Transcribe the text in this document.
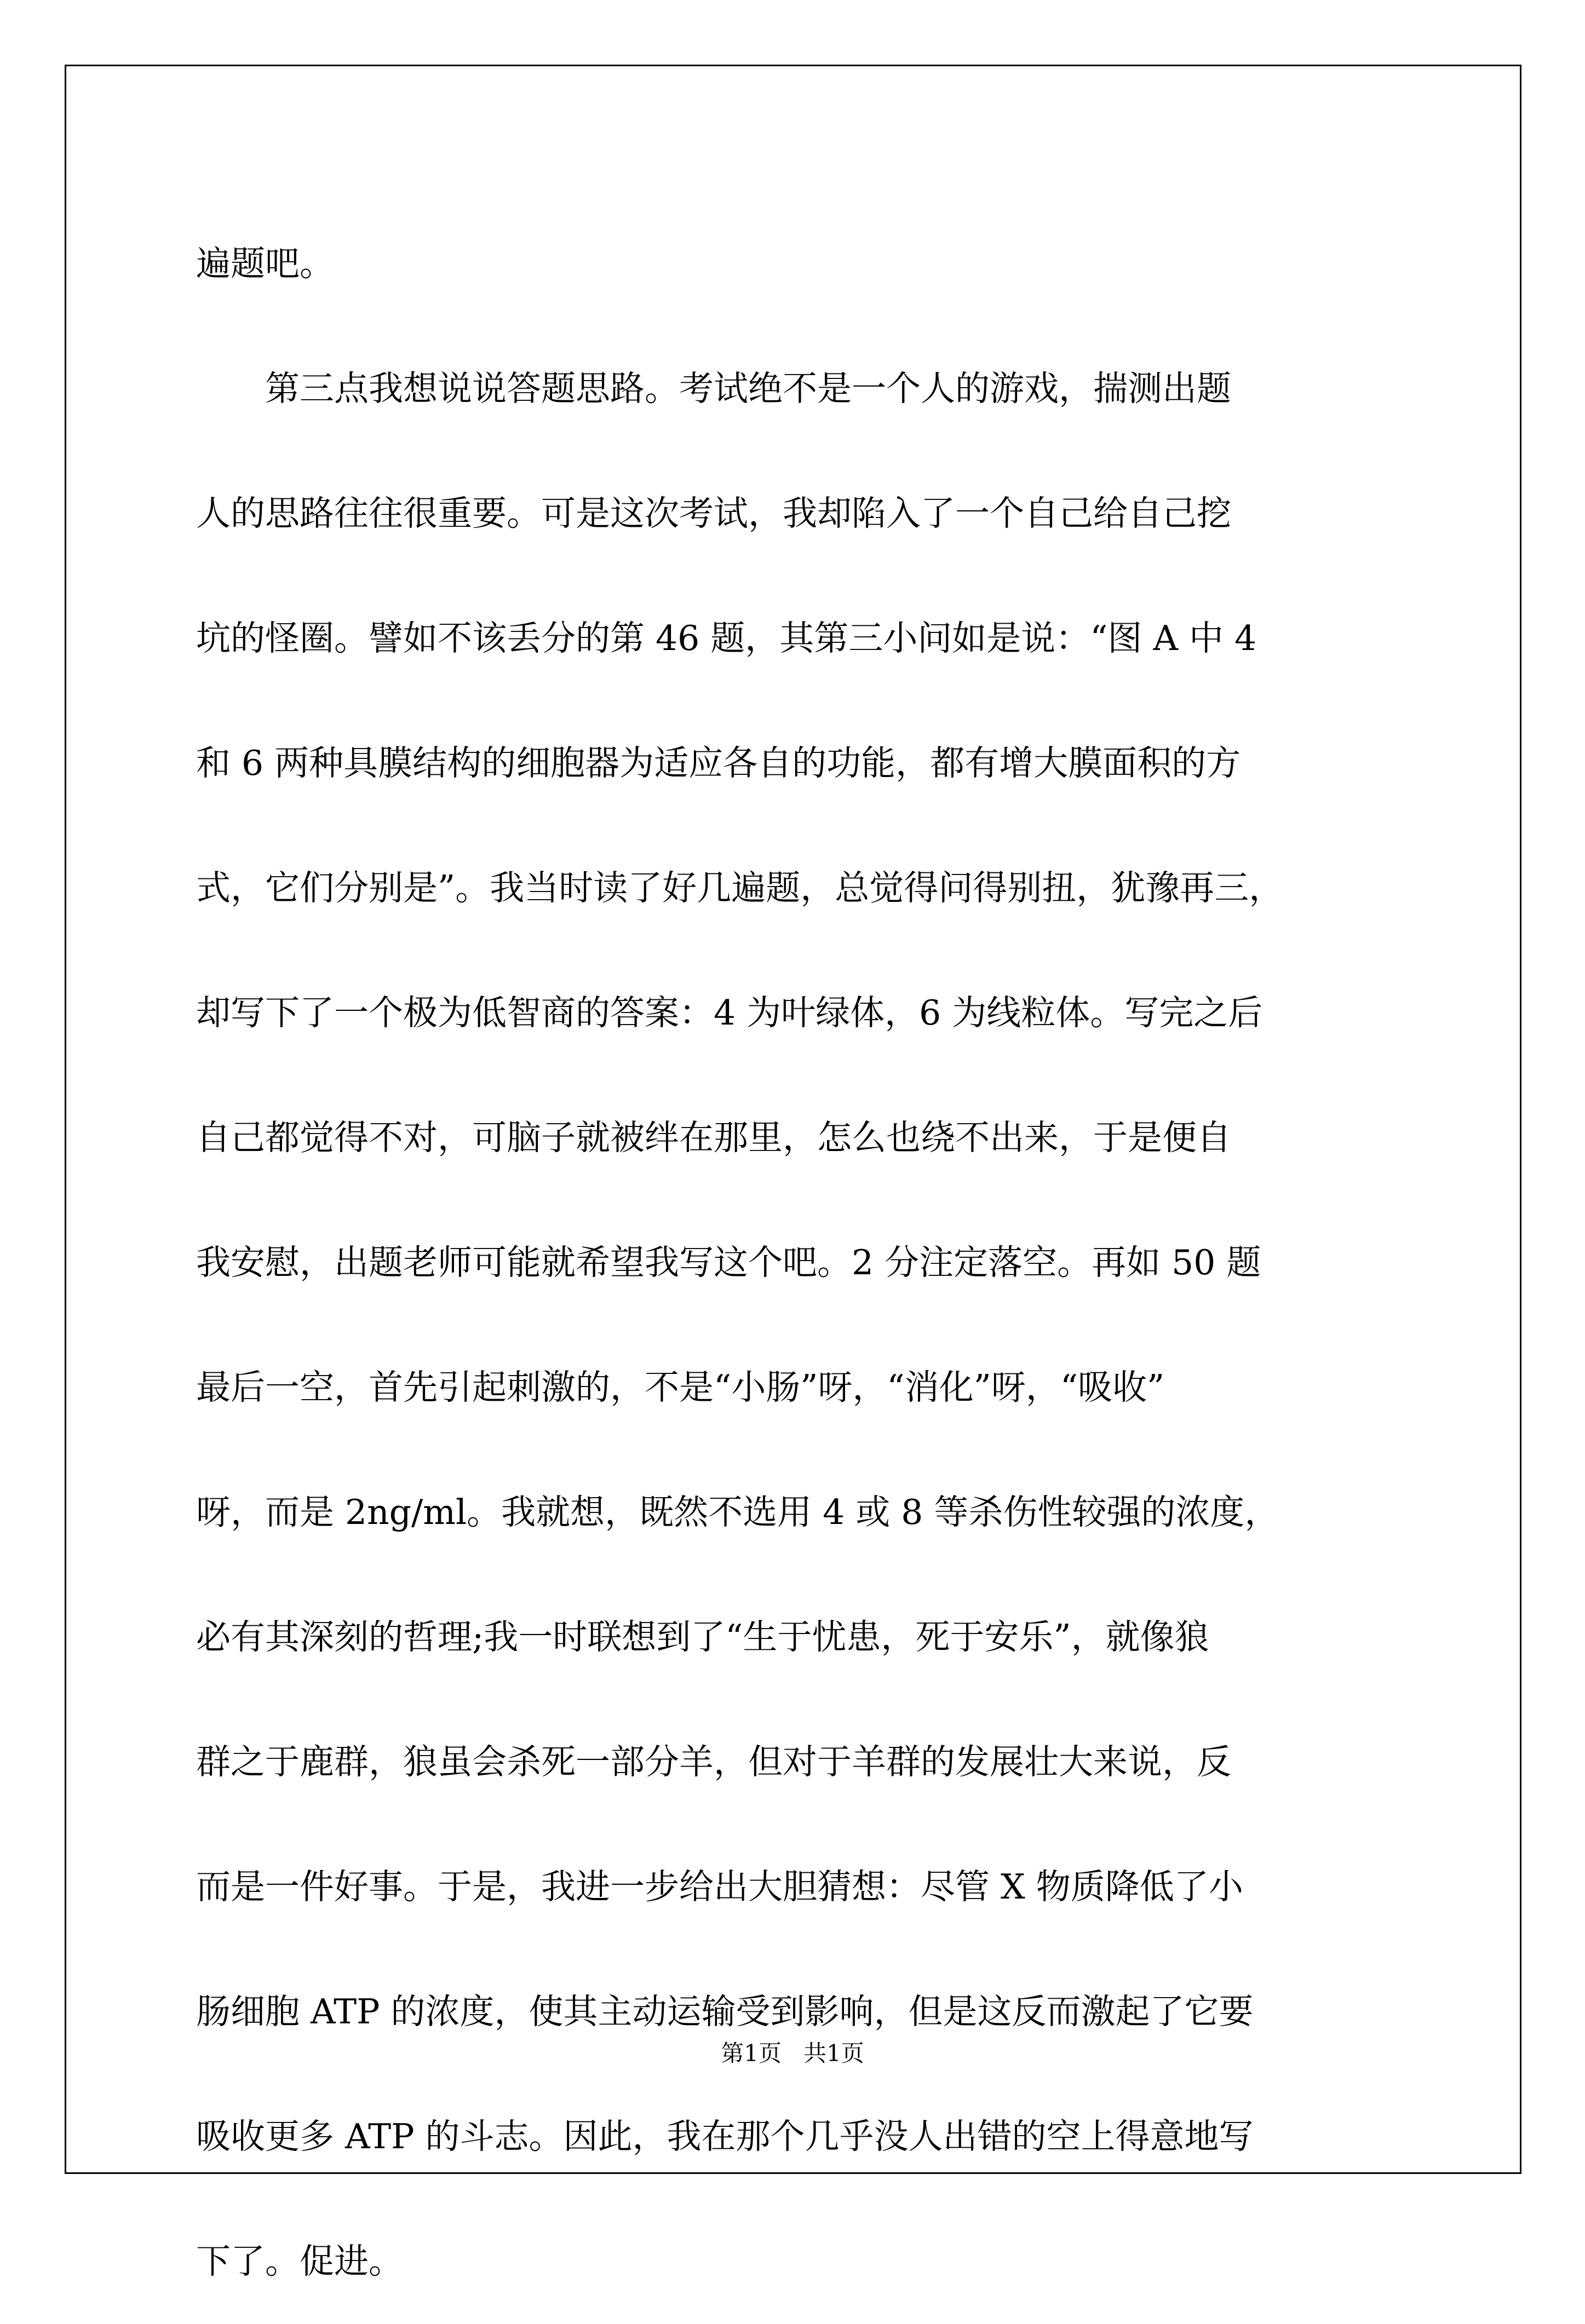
遍题吧。
第三点我想说说答题思路。考试绝不是一个人的游戏，揣测出题
人的思路往往很重要。可是这次考试，我却陷入了一个自己给自己挖
坑的怪圈。譬如不该丢分的第 46 题，其第三小问如是说：“图 A 中 4
和 6 两种具膜结构的细胞器为适应各自的功能，都有增大膜面积的方
式，它们分别是”。我当时读了好几遍题，总觉得问得别扭，犹豫再三，
却写下了一个极为低智商的答案：4 为叶绿体，6 为线粒体。写完之后
自己都觉得不对，可脑子就被绊在那里，怎么也绕不出来，于是便自
我安慰，出题老师可能就希望我写这个吧。2 分注定落空。再如 50 题
最后一空，首先引起刺激的，不是“小肠”呀，“消化”呀，“吸收”
呀，而是 2ng/ml。我就想，既然不选用 4 或 8 等杀伤性较强的浓度，
必有其深刻的哲理;我一时联想到了“生于忧患，死于安乐”，就像狼
群之于鹿群，狼虽会杀死一部分羊，但对于羊群的发展壮大来说，反
而是一件好事。于是，我进一步给出大胆猜想：尽管 X 物质降低了小
肠细胞 ATP 的浓度，使其主动运输受到影响，但是这反而激起了它要
吸收更多 ATP 的斗志。因此，我在那个几乎没人出错的空上得意地写
下了。促进。
第1页   共1页
